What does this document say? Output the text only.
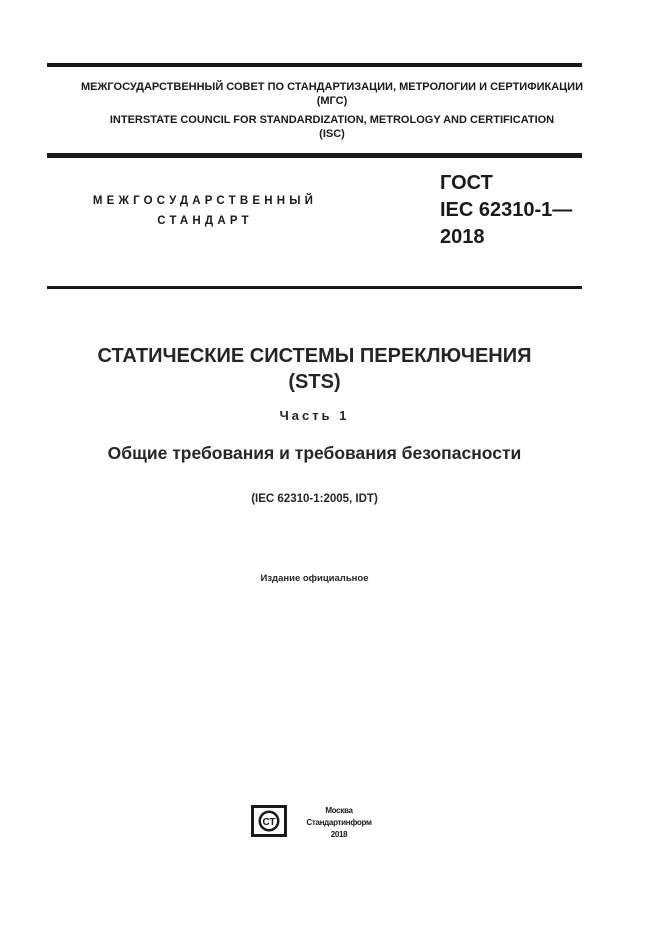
МЕЖГОСУДАРСТВЕННЫЙ СОВЕТ ПО СТАНДАРТИЗАЦИИ, МЕТРОЛОГИИ И СЕРТИФИКАЦИИ
(МГС)
INTERSTATE COUNCIL FOR STANDARDIZATION, METROLOGY AND CERTIFICATION
(ISC)
МЕЖГОСУДАРСТВЕННЫЙ
СТАНДАРТ
ГОСТ
IEC 62310-1—
2018
СТАТИЧЕСКИЕ СИСТЕМЫ ПЕРЕКЛЮЧЕНИЯ
(STS)
Часть 1
Общие требования и требования безопасности
(IEC 62310-1:2005, IDT)
Издание официальное
СТ
Москва
Стандартинформ
2018
